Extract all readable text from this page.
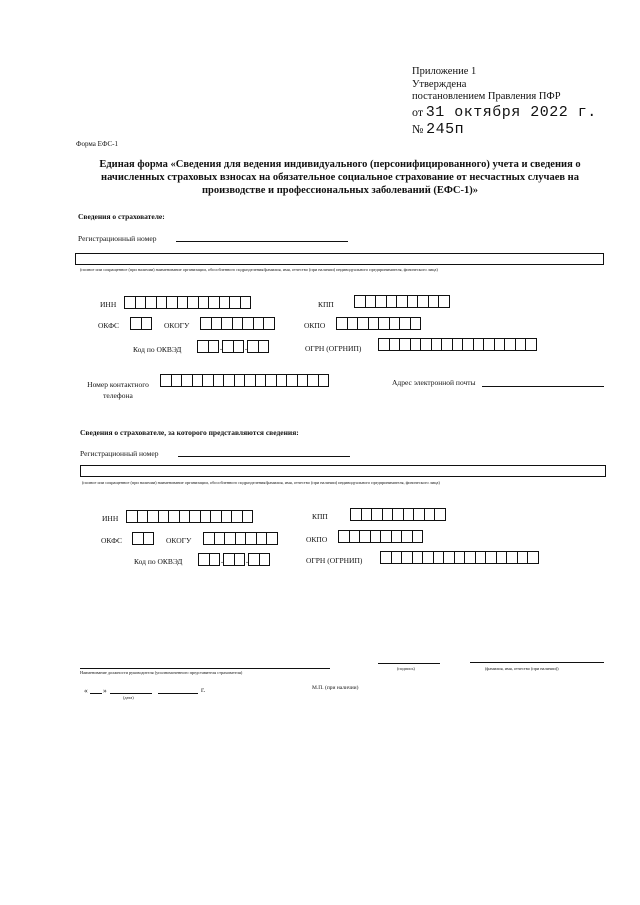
Приложение 1
Утверждена
постановлением Правления ПФР
от 31 октября 2022 г.
№ 245п
Форма ЕФС-1
Единая форма «Сведения для ведения индивидуального (персонифицированного) учета и сведения о начисленных страховых взносах на обязательное социальное страхование от несчастных случаев на производстве и профессиональных заболеваний (ЕФС-1)»
Сведения о страхователе:
Регистрационный номер
(полное или сокращенное (при наличии) наименование организации, обособленного подразделения/фамилия, имя, отчество (при наличии) индивидуального предпринимателя, физического лица)
ИНН	КПП
ОКФС	ОКОГУ	ОКПО
Код по ОКВЭД	.	.	ОГРН (ОГРНИП)
Номер контактного
телефона
Адрес электронной почты
Сведения о страхователе, за которого представляются сведения:
Регистрационный номер
(полное или сокращенное (при наличии) наименование организации, обособленного подразделения/фамилия, имя, отчество (при наличии) индивидуального предпринимателя, физического лица)
ИНН	КПП
ОКФС	ОКОГУ	ОКПО
Код по ОКВЭД	.	.	ОГРН (ОГРНИП)
Наименование должности руководителя (уполномоченного представителя страхователя)
(подпись)	(фамилия, имя, отчество (при наличии))
« »	г.
(дата)
М.П. (при наличии)
